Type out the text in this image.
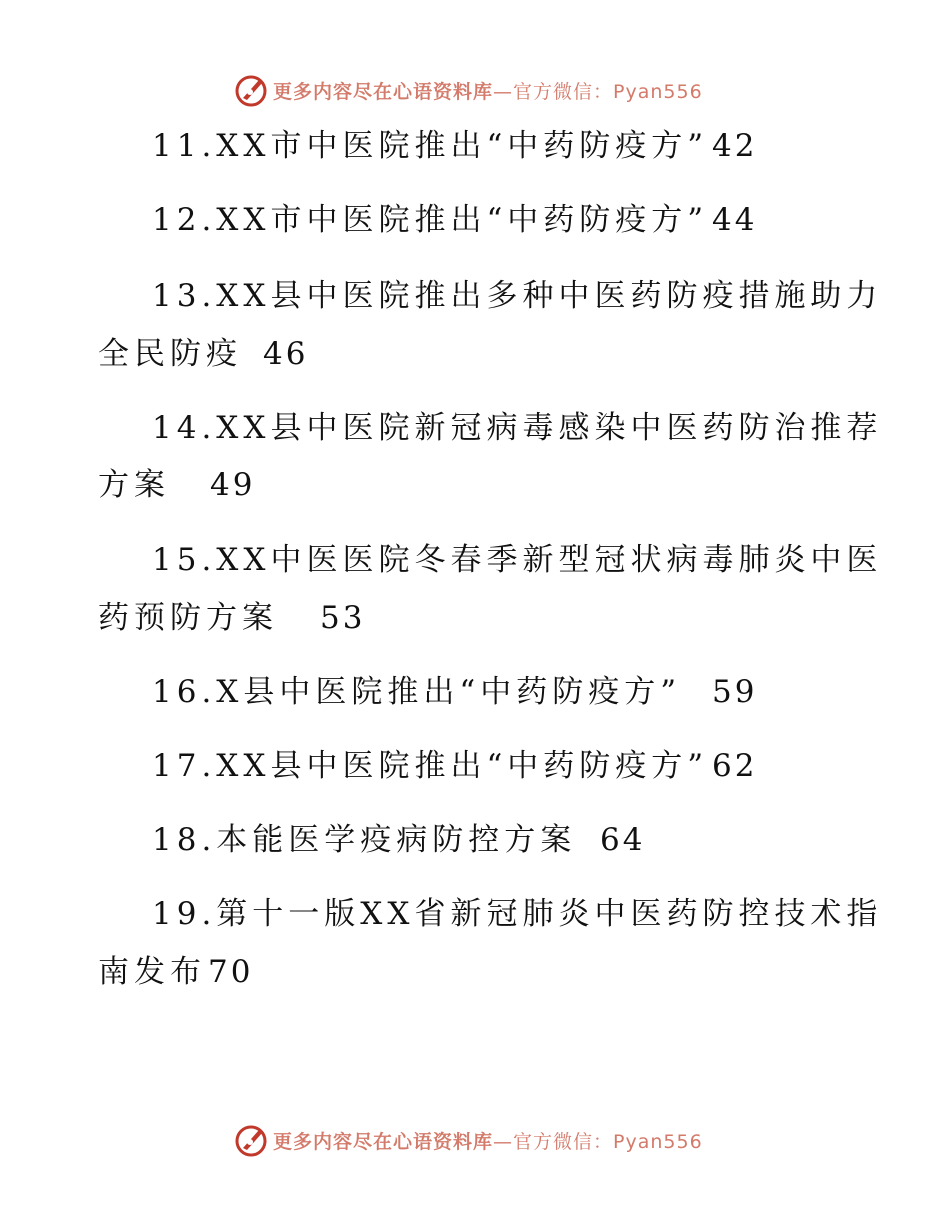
更多内容尽在心语资料库—官方微信：Pyan556
11.XX市中医院推出“中药防疫方” 42
12.XX市中医院推出“中药防疫方” 44
13.XX县中医院推出多种中医药防疫措施助力
全民防疫 46
14.XX县中医院新冠病毒感染中医药防治推荐
方案 49
15.XX中医医院冬春季新型冠状病毒肺炎中医
药预防方案 53
16.X县中医院推出“中药防疫方” 59
17.XX县中医院推出“中药防疫方” 62
18.本能医学疫病防控方案 64
19.第十一版XX省新冠肺炎中医药防控技术指
南发布 70
更多内容尽在心语资料库—官方微信：Pyan556
